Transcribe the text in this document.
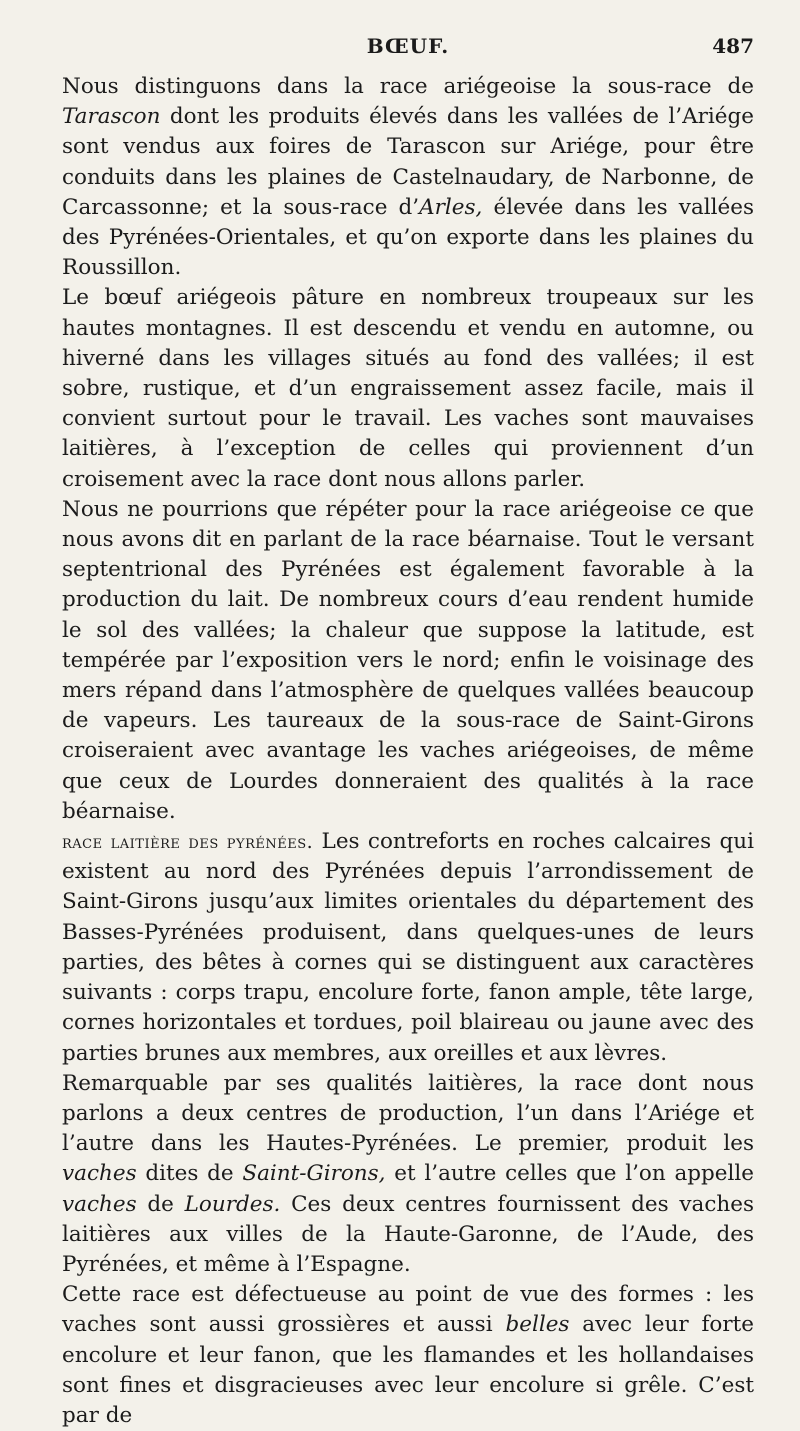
BŒUF.	487

Nous distinguons dans la race ariégeoise la sous-race de Tarascon dont les produits élevés dans les vallées de l’Ariége sont vendus aux foires de Tarascon sur Ariége, pour être conduits dans les plaines de Castelnaudary, de Narbonne, de Carcassonne; et la sous-race d’Arles, élevée dans les vallées des Pyrénées-Orientales, et qu’on exporte dans les plaines du Roussillon.

Le bœuf ariégeois pâture en nombreux troupeaux sur les hautes montagnes. Il est descendu et vendu en automne, ou hiverné dans les villages situés au fond des vallées; il est sobre, rustique, et d’un engraissement assez facile, mais il convient surtout pour le travail. Les vaches sont mauvaises laitières, à l’exception de celles qui proviennent d’un croisement avec la race dont nous allons parler.

Nous ne pourrions que répéter pour la race ariégeoise ce que nous avons dit en parlant de la race béarnaise. Tout le versant septentrional des Pyrénées est également favorable à la production du lait. De nombreux cours d’eau rendent humide le sol des vallées; la chaleur que suppose la latitude, est tempérée par l’exposition vers le nord; enfin le voisinage des mers répand dans l’atmosphère de quelques vallées beaucoup de vapeurs. Les taureaux de la sous-race de Saint-Girons croiseraient avec avantage les vaches ariégeoises, de même que ceux de Lourdes donneraient des qualités à la race béarnaise.

race laitière des pyrénées. Les contreforts en roches calcaires qui existent au nord des Pyrénées depuis l’arrondissement de Saint-Girons jusqu’aux limites orientales du département des Basses-Pyrénées produisent, dans quelques-unes de leurs parties, des bêtes à cornes qui se distinguent aux caractères suivants : corps trapu, encolure forte, fanon ample, tête large, cornes horizontales et tordues, poil blaireau ou jaune avec des parties brunes aux membres, aux oreilles et aux lèvres.

Remarquable par ses qualités laitières, la race dont nous parlons a deux centres de production, l’un dans l’Ariége et l’autre dans les Hautes-Pyrénées. Le premier, produit les vaches dites de Saint-Girons, et l’autre celles que l’on appelle vaches de Lourdes. Ces deux centres fournissent des vaches laitières aux villes de la Haute-Garonne, de l’Aude, des Pyrénées, et même à l’Espagne.

Cette race est défectueuse au point de vue des formes : les vaches sont aussi grossières et aussi belles avec leur forte encolure et leur fanon, que les flamandes et les hollandaises sont fines et disgracieuses avec leur encolure si grêle. C’est par de
